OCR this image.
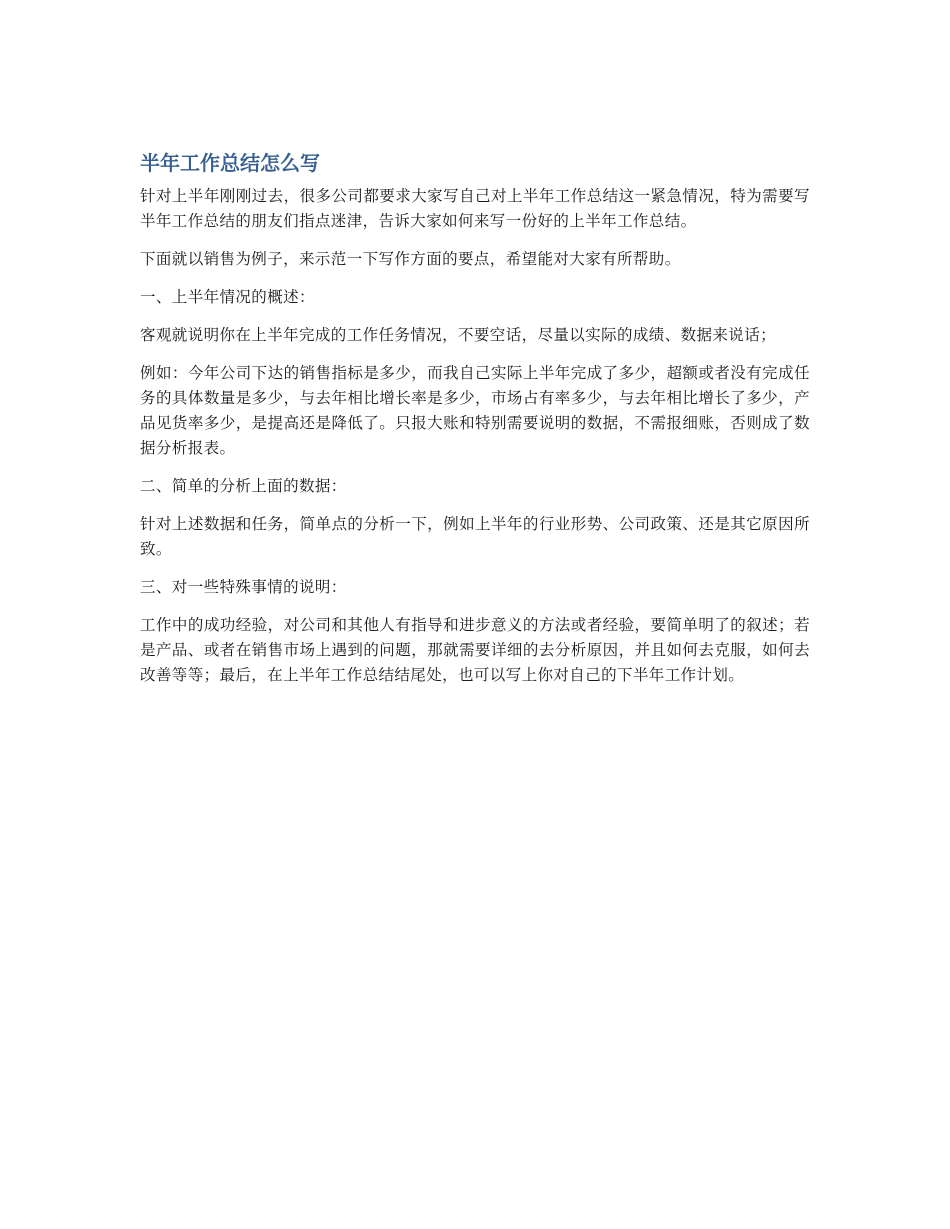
半年工作总结怎么写

针对上半年刚刚过去，很多公司都要求大家写自己对上半年工作总结这一紧急情况，特为需要写半年工作总结的朋友们指点迷津，告诉大家如何来写一份好的上半年工作总结。

下面就以销售为例子，来示范一下写作方面的要点，希望能对大家有所帮助。

一、上半年情况的概述：

客观就说明你在上半年完成的工作任务情况，不要空话，尽量以实际的成绩、数据来说话；

例如：今年公司下达的销售指标是多少，而我自己实际上半年完成了多少，超额或者没有完成任务的具体数量是多少，与去年相比增长率是多少，市场占有率多少，与去年相比增长了多少，产品见货率多少，是提高还是降低了。只报大账和特别需要说明的数据，不需报细账，否则成了数据分析报表。

二、简单的分析上面的数据：

针对上述数据和任务，简单点的分析一下，例如上半年的行业形势、公司政策、还是其它原因所致。

三、对一些特殊事情的说明：

工作中的成功经验，对公司和其他人有指导和进步意义的方法或者经验，要简单明了的叙述；若是产品、或者在销售市场上遇到的问题，那就需要详细的去分析原因，并且如何去克服，如何去改善等等；最后，在上半年工作总结结尾处，也可以写上你对自己的下半年工作计划。
